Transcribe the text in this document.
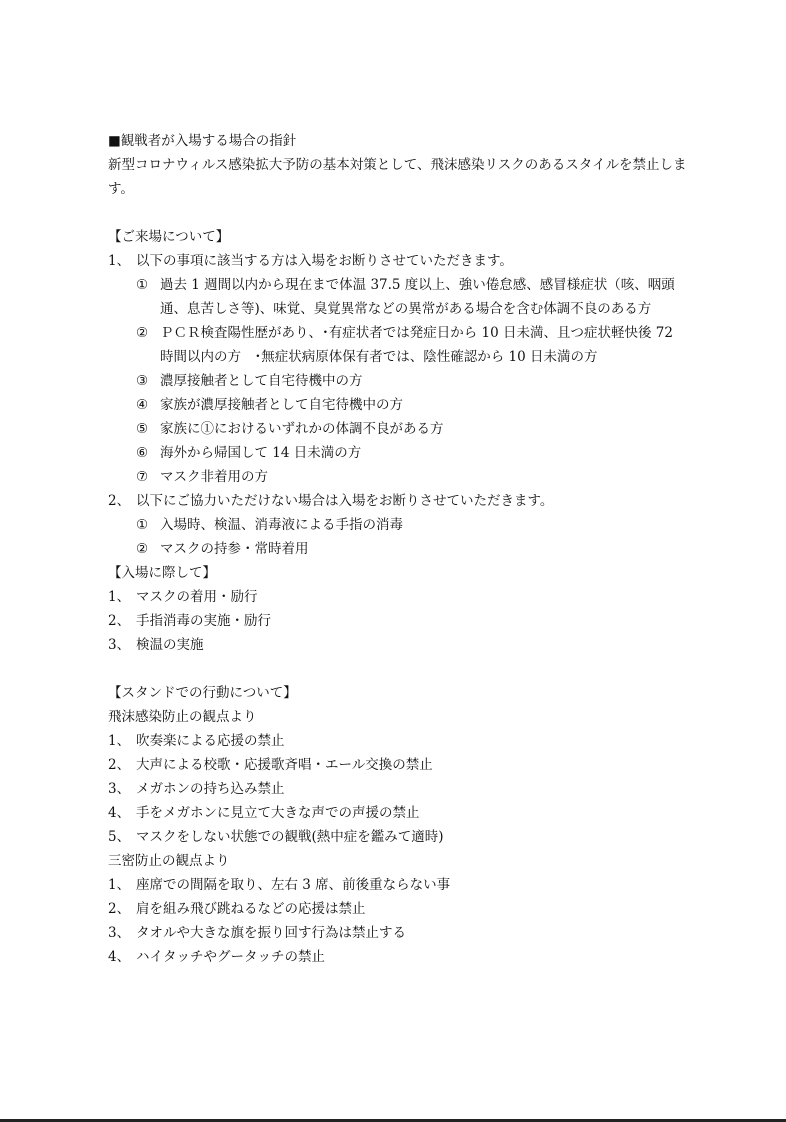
■観戦者が入場する場合の指針
新型コロナウィルス感染拡大予防の基本対策として、飛沫感染リスクのあるスタイルを禁止します。
【ご来場について】
1、 以下の事項に該当する方は入場をお断りさせていただきます。
① 過去 1 週間以内から現在まで体温 37.5 度以上、強い倦怠感、感冒様症状（咳、咽頭通、息苦しさ等)、味覚、臭覚異常などの異常がある場合を含む体調不良のある方
② ＰＣＲ検査陽性歴があり、･有症状者では発症日から 10 日未満、且つ症状軽快後 72 時間以内の方　･無症状病原体保有者では、陰性確認から 10 日未満の方
③ 濃厚接触者として自宅待機中の方
④ 家族が濃厚接触者として自宅待機中の方
⑤ 家族に①におけるいずれかの体調不良がある方
⑥ 海外から帰国して 14 日未満の方
⑦ マスク非着用の方
2、 以下にご協力いただけない場合は入場をお断りさせていただきます。
① 入場時、検温、消毒液による手指の消毒
② マスクの持参・常時着用
【入場に際して】
1、 マスクの着用・励行
2、 手指消毒の実施・励行
3、 検温の実施
【スタンドでの行動について】
飛沫感染防止の観点より
1、 吹奏楽による応援の禁止
2、 大声による校歌・応援歌斉唱・エール交換の禁止
3、 メガホンの持ち込み禁止
4、 手をメガホンに見立て大きな声での声援の禁止
5、 マスクをしない状態での観戦(熱中症を鑑みて適時)
三密防止の観点より
1、 座席での間隔を取り、左右 3 席、前後重ならない事
2、 肩を組み飛び跳ねるなどの応援は禁止
3、 タオルや大きな旗を振り回す行為は禁止する
4、 ハイタッチやグータッチの禁止
